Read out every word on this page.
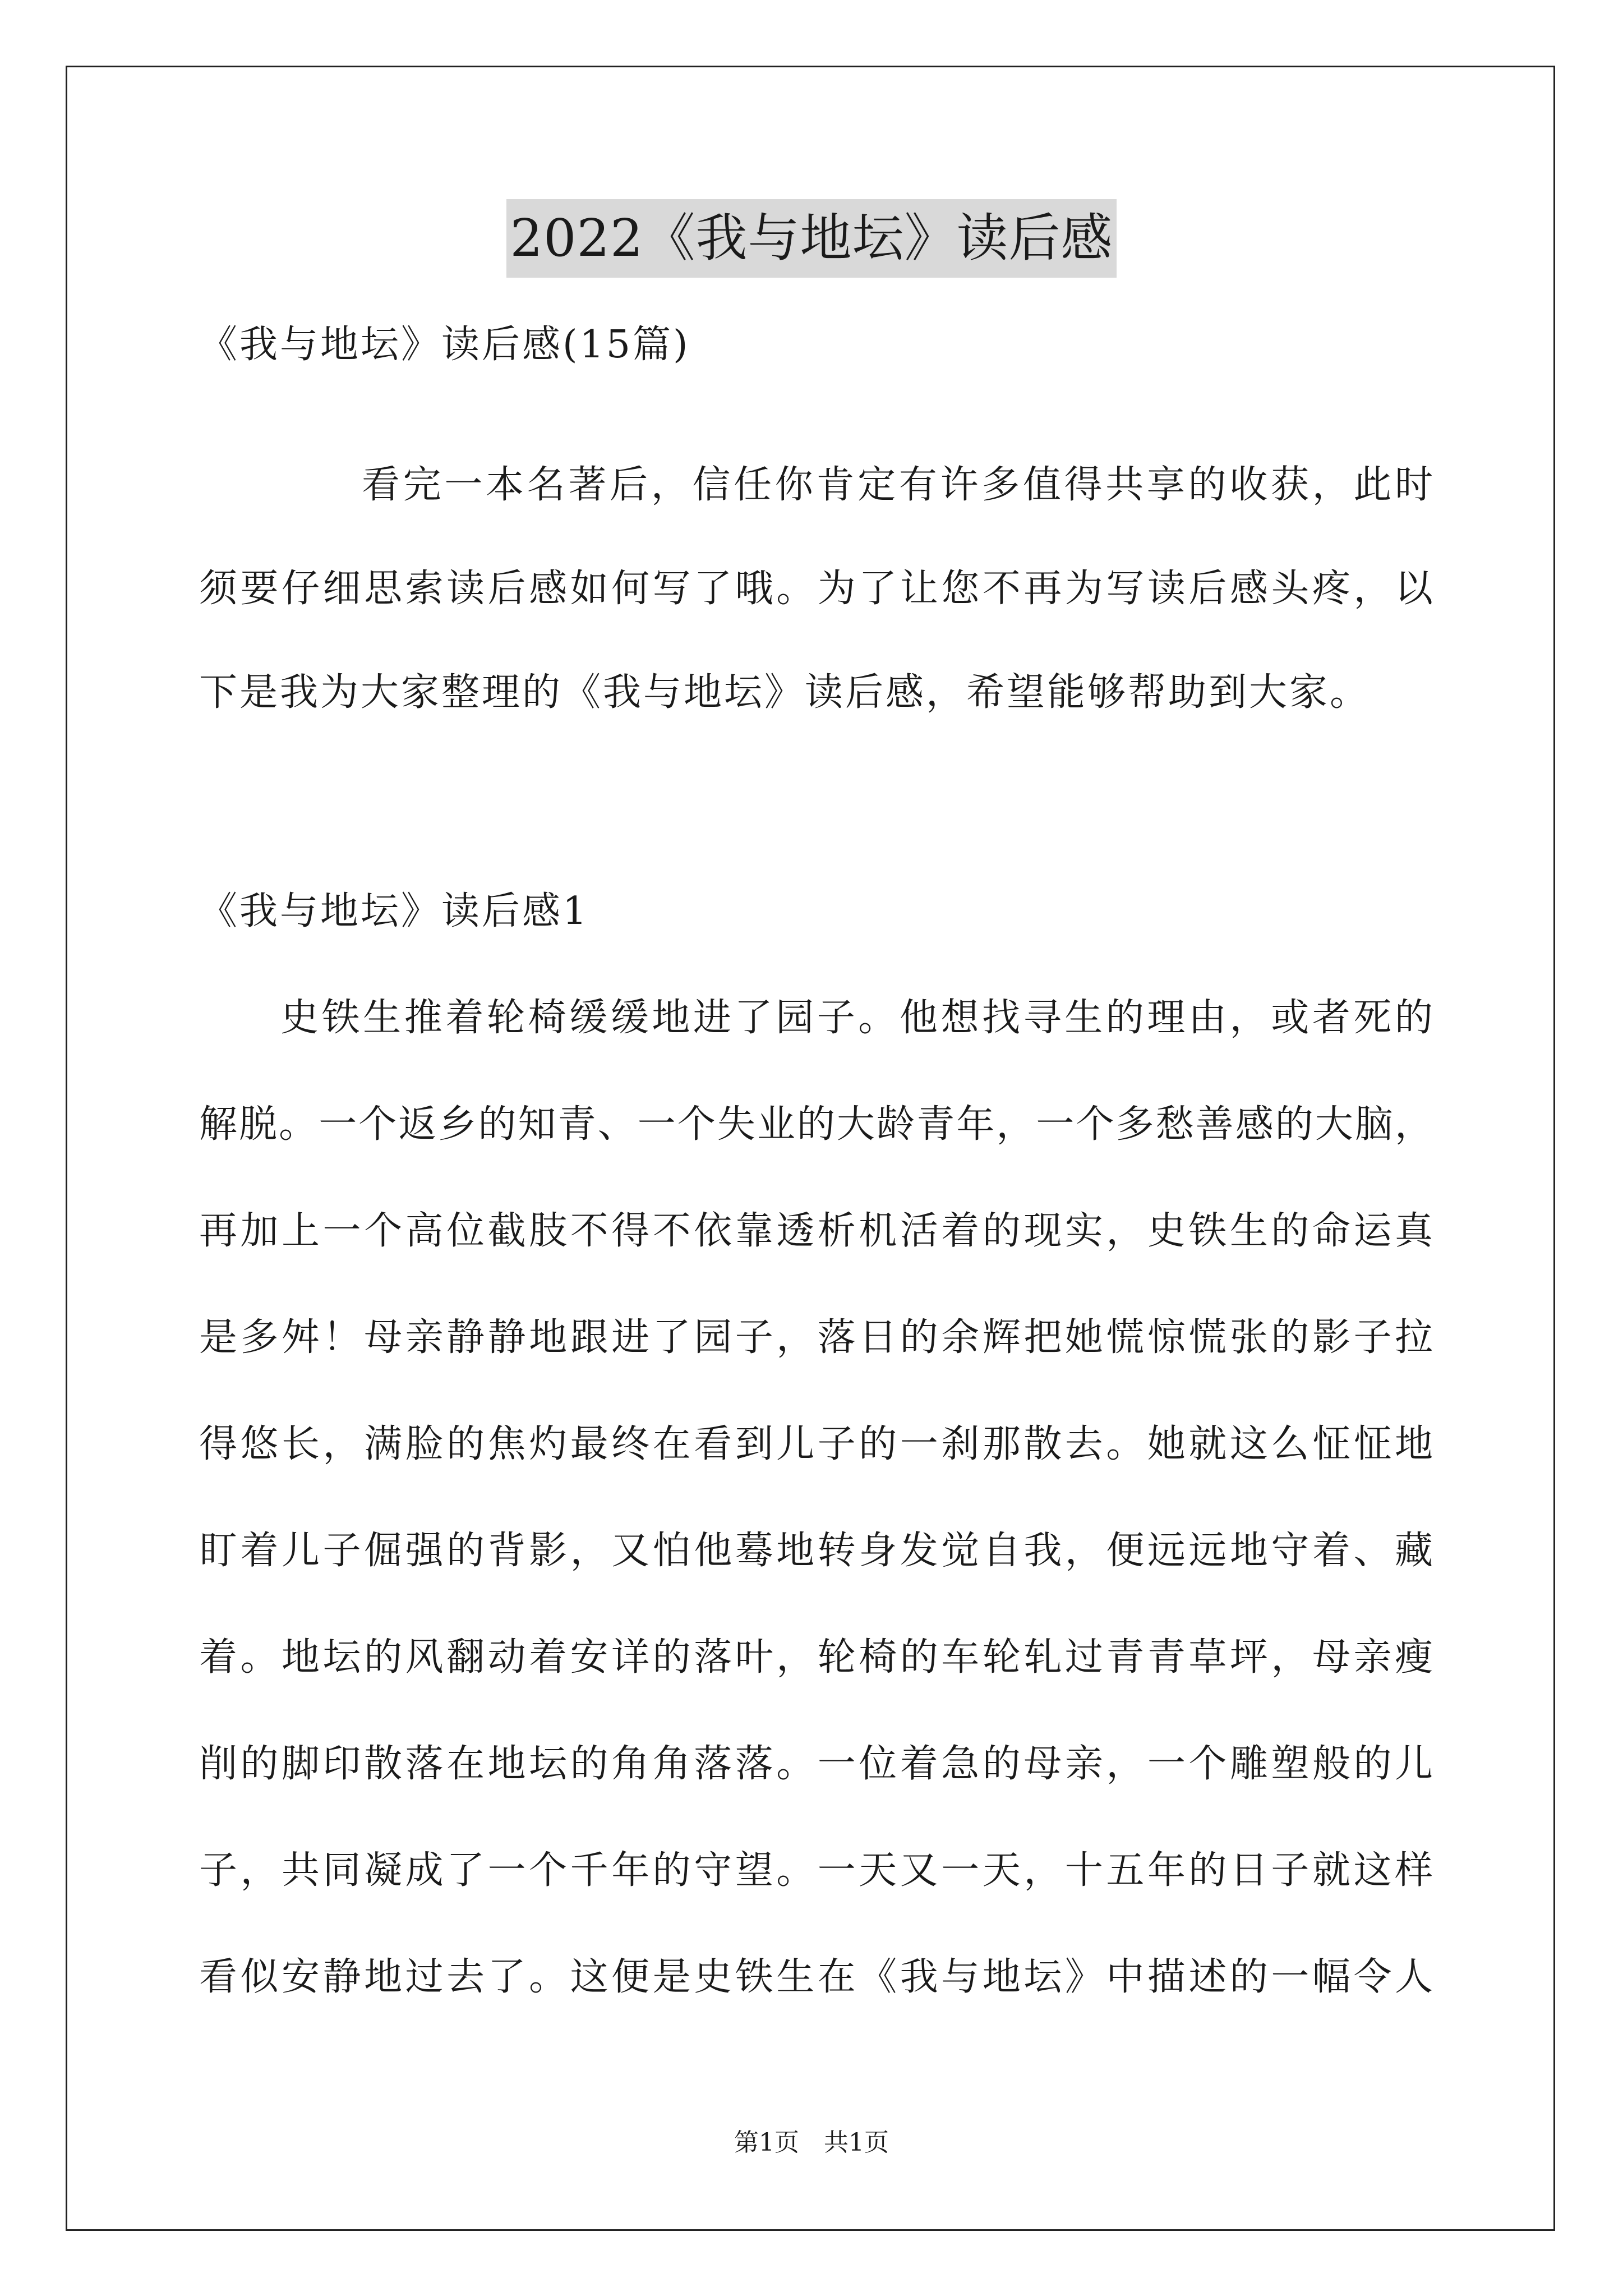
2022《我与地坛》读后感
《我与地坛》读后感(15篇)
看完一本名著后，信任你肯定有许多值得共享的收获，此时
须要仔细思索读后感如何写了哦。为了让您不再为写读后感头疼，以
下是我为大家整理的《我与地坛》读后感，希望能够帮助到大家。
《我与地坛》读后感1
史铁生推着轮椅缓缓地进了园子。他想找寻生的理由，或者死的
解脱。一个返乡的知青、一个失业的大龄青年，一个多愁善感的大脑，
再加上一个高位截肢不得不依靠透析机活着的现实，史铁生的命运真
是多舛！母亲静静地跟进了园子，落日的余辉把她慌惊慌张的影子拉
得悠长，满脸的焦灼最终在看到儿子的一刹那散去。她就这么怔怔地
盯着儿子倔强的背影，又怕他蓦地转身发觉自我，便远远地守着、藏
着。地坛的风翻动着安详的落叶，轮椅的车轮轧过青青草坪，母亲瘦
削的脚印散落在地坛的角角落落。一位着急的母亲，一个雕塑般的儿
子，共同凝成了一个千年的守望。一天又一天，十五年的日子就这样
看似安静地过去了。这便是史铁生在《我与地坛》中描述的一幅令人
第1页　共1页
